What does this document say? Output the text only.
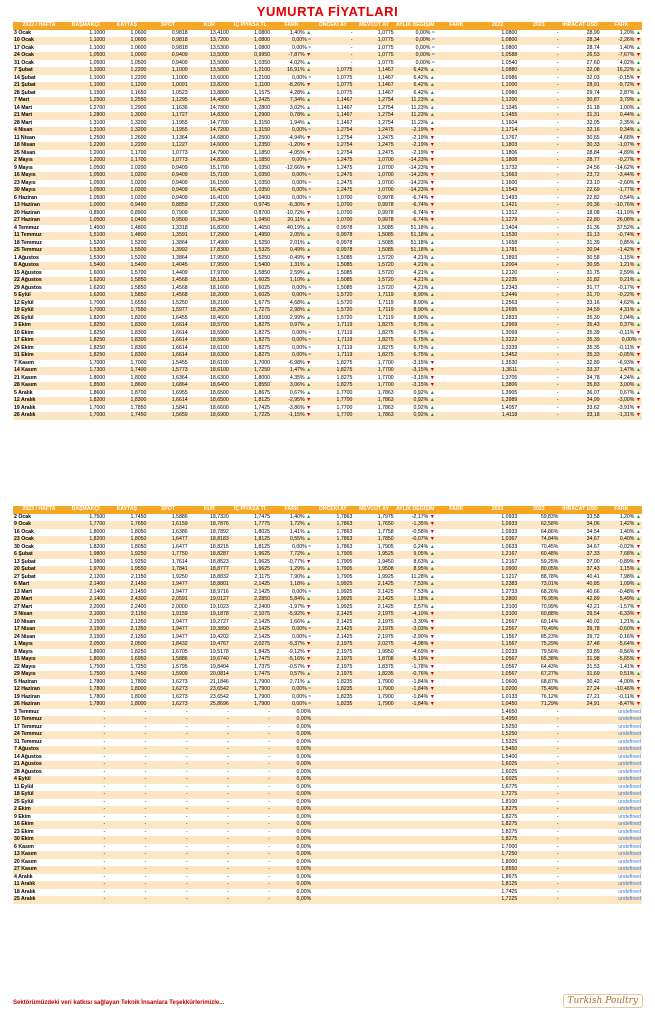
YUMURTA FİYATLARI
2022 / HAFTA	BAŞMAKÇI	KAYTAŞ	SPOT	KUR	İÇ PİYASA TL	FARK	ÖNCEKİ AY	MEVCUT AY	AYLIK DEĞİŞİM	FARK	2022	2023	İHRACAT USD	FARK
3 Ocak	1,1000	1,0600	0,9818	13,4100	1,0800	1,40% ▲	-	1,0775	0,00% =		1,0800	-	28,99	1,20% ▲
10 Ocak	1,1000	1,0600	0,9818	13,7200	1,0800	0,00% =	-	1,0775	0,00% =		1,0800	-	28,34	-2,26% ▼
17 Ocak	1,1000	1,0600	0,9818	13,5300	1,0800	0,00% =	-	1,0775	0,00% =		1,0800	-	28,74	1,40% ▲
24 Ocak	1,0500	1,0000	0,9409	13,5000	0,9950	-7,87% ▼	-	1,0775	0,00% =		1,0588	-	26,53	-7,67% ▼
31 Ocak	1,0500	1,0500	0,9409	13,5000	1,0350	4,02% ▲	-	1,0775	0,00% =		1,0540	-	27,60	4,02% ▲
7 Şubat	1,1000	1,2200	1,1000	13,5800	1,2100	16,91% ▲	1,0775	1,1467	6,42% ▲		1,0880	-	32,08	16,22% ▲
14 Şubat	1,1000	1,2200	1,1000	13,6000	1,2100	0,00% =	1,0775	1,1467	6,42% ▲		1,0986	-	32,03	-0,15% ▼
21 Şubat	1,1000	1,1200	1,0091	13,8200	1,1100	-8,26% ▼	1,0775	1,1467	6,42% ▲		1,1000	-	28,91	-9,72% ▼
28 Şubat	1,1500	1,1650	1,0523	13,8800	1,1575	4,28% ▲	1,0775	1,1467	6,42% ▲		1,0980	-	29,74	2,87% ▲
7 Mart	1,2500	1,2550	1,1295	14,4900	1,2425	7,34% ▲	1,1467	1,2754	11,23% ▲		1,1200	-	30,87	3,79% ▲
14 Mart	1,2700	1,2900	1,1636	14,7800	1,2800	3,02% ▲	1,1467	1,2754	11,23% ▲		1,1345	-	31,18	1,00% ▲
21 Mart	1,2800	1,3000	1,1727	14,8300	1,2900	0,78% ▲	1,1467	1,2754	11,23% ▲		1,1455	-	31,31	0,44% ▲
28 Mart	1,3100	1,3200	1,1955	14,7700	1,3150	1,94% ▲	1,1467	1,2754	11,23% ▲		1,1604	-	32,05	2,35% ▲
4 Nisan	1,3100	1,3200	1,1955	14,7200	1,3150	0,00% =	1,2754	1,2475	-2,19% ▼		1,1714	-	32,16	0,34% ▲
11 Nisan	1,2500	1,2600	1,1364	14,6800	1,2500	-4,94% ▼	1,2754	1,2475	-2,19% ▼		1,1767	-	30,65	-4,68% ▼
18 Nisan	1,2200	1,2200	1,1227	14,6000	1,2350	-1,20% ▼	1,2754	1,2475	-2,19% ▼		1,1803	-	30,33	-1,07% ▼
25 Nisan	1,2000	1,1700	1,0773	14,7900	1,1850	-4,05% ▼	1,2754	1,2475	-2,19% ▼		1,1806	-	28,84	-4,89% ▼
2 Mayıs	1,2000	1,1700	1,0773	14,8300	1,1850	0,00% =	1,2475	1,0700	-14,23% ▼		1,1808	-	28,77	-0,27% ▼
9 Mayıs	1,0500	1,0200	0,9409	15,1700	1,0350	-12,66% ▼	1,2475	1,0700	-14,23% ▼		1,1732	-	24,56	-14,62% ▼
16 Mayıs	1,0500	1,0200	0,9409	15,7100	1,0350	0,00% =	1,2475	1,0700	-14,23% ▼		1,1663	-	23,72	-3,44% ▼
23 Mayıs	1,0500	1,0200	0,9409	16,1500	1,0350	0,00% =	1,2475	1,0700	-14,23% ▼		1,1600	-	23,10	-2,60% ▼
30 Mayıs	1,0500	1,0200	0,9409	16,4200	1,0350	0,00% =	1,2475	1,0700	-14,23% ▼		1,1543	-	22,69	-1,77% ▼
6 Haziran	1,0500	1,0200	0,9409	16,4100	1,0400	0,00% =	1,0700	0,9978	-6,74% ▼		1,1493	-	22,82	0,54% ▲
13 Haziran	1,0000	0,9490	0,8859	17,2300	0,9745	-6,30% ▼	1,0700	0,9978	-6,74% ▼		1,1421	-	20,36	-10,76% ▼
20 Haziran	0,8500	0,8900	0,7909	17,3200	0,8700	-10,72% ▼	1,0700	0,9978	-6,74% ▼		1,1312	-	18,08	-11,19% ▼
27 Haziran	1,0500	1,0400	0,9500	16,3400	1,0450	20,11% ▲	1,0700	0,9978	-6,74% ▼		1,1279	-	22,80	26,08% ▲
4 Temmuz	1,4500	1,4800	1,3318	16,8200	1,4650	40,19% ▲	0,9978	1,5085	51,18% ▲		1,1404	-	31,36	37,52% ▲
11 Temmuz	1,5100	1,4800	1,3591	17,2900	1,4950	2,05% ▲	0,9978	1,5085	51,18% ▲		1,1530	-	31,13	-0,74% ▼
18 Temmuz	1,5200	1,5200	1,3864	17,4900	1,5250	2,01% ▲	0,9978	1,5085	51,18% ▲		1,1658	-	31,39	0,85% ▲
25 Temmuz	1,5300	1,5500	1,3992	17,8300	1,5325	0,49% ▲	0,9978	1,5085	51,18% ▲		1,1781	-	30,94	-1,42% ▼
1 Ağustos	1,5300	1,5200	1,3864	17,9500	1,5250	-0,49% ▼	1,5085	1,5720	4,21% ▲		1,1893	-	30,58	-1,15% ▼
8 Ağustos	1,5400	1,5400	1,4045	17,9500	1,5400	1,31% ▲	1,5085	1,5720	4,21% ▲		1,2004	-	30,95	1,21% ▲
15 Ağustos	1,6000	1,5700	1,4409	17,9700	1,5850	2,59% ▲	1,5085	1,5720	4,21% ▲		1,2120	-	31,75	2,59% ▲
22 Ağustos	1,6200	1,5850	1,4568	18,1300	1,6025	1,10% ▲	1,5085	1,5720	4,21% ▲		1,2235	-	31,82	0,21% ▲
29 Ağustos	1,6200	1,5850	1,4568	18,1600	1,6025	0,00% =	1,5085	1,5720	4,21% ▲		1,2343	-	31,77	-0,17% ▼
5 Eylül	1,6200	1,5850	1,4568	18,2000	1,6025	0,00% =	1,5720	1,7119	8,90% ▲		1,2446	-	31,70	-0,22% ▼
12 Eylül	1,7000	1,6550	1,5250	18,2100	1,6775	4,68% ▲	1,5720	1,7119	8,90% ▲		1,2563	-	33,16	4,62% ▲
19 Eylül	1,7000	1,7550	1,5977	18,2900	1,7275	2,98% ▲	1,5720	1,7119	8,90% ▲		1,2695	-	34,59	4,31% ▲
26 Eylül	1,8200	1,8200	1,6455	18,4600	1,8100	2,99% ▲	1,5720	1,7119	8,90% ▲		1,2833	-	35,30	2,04% ▲
3 Ekim	1,8250	1,8300	1,6614	18,5700	1,8275	0,97% ▲	1,7119	1,8275	6,75% ▲		1,2969	-	35,43	0,37% ▲
10 Ekim	1,8250	1,8300	1,6614	18,5900	1,8275	0,00% =	1,7119	1,8275	6,75% ▲		1,3099	-	35,39	-0,11% ▼
17 Ekim	1,8250	1,8300	1,6614	18,5900	1,8275	0,00% =	1,7119	1,8275	6,75% ▲		1,3222	-	35,39	0,00% =
24 Ekim	1,8250	1,8300	1,6614	18,6100	1,8275	0,00% =	1,7119	1,8275	6,75% ▲		1,3339	-	35,35	-0,11% ▼
31 Ekim	1,8250	1,8300	1,6614	18,6300	1,8275	0,00% =	1,7119	1,8275	6,75% ▲		1,3452	-	35,33	-0,05% ▼
7 Kasım	1,7000	1,7000	1,5455	18,6100	1,7000	-6,98% ▼	1,8275	1,7700	-3,15% ▼		1,3530	-	32,89	-6,93% ▼
14 Kasım	1,7300	1,7400	1,5773	18,6100	1,7250	1,47% ▲	1,8275	1,7700	-3,15% ▼		1,3611	-	33,37	1,47% ▲
21 Kasım	1,8000	1,8000	1,6364	18,6300	1,8000	4,35% ▲	1,8275	1,7700	-3,15% ▼		1,3705	-	34,78	4,24% ▲
28 Kasım	1,8500	1,8600	1,6864	18,6400	1,8550	3,06% ▲	1,8275	1,7700	-3,15% ▼		1,3806	-	35,83	3,00% ▲
5 Aralık	1,8600	1,8700	1,6955	18,6500	1,8675	0,67% ▲	1,7700	1,7863	0,92% ▲		1,3905	-	36,07	0,67% ▲
12 Aralık	1,8200	1,8300	1,6614	18,6500	1,8125	-2,95% ▼	1,7700	1,7863	0,92% ▲		1,3989	-	34,99	-3,00% ▼
19 Aralık	1,7000	1,7850	1,5841	18,6600	1,7425	-3,86% ▼	1,7700	1,7863	0,92% ▲		1,4057	-	33,62	-3,91% ▼
26 Aralık	1,7000	1,7450	1,5659	18,6900	1,7225	-1,15% ▼	1,7700	1,7863	0,92% ▲		1,4118	-	33,18	-1,31% ▼
2023 / HAFTA	BAŞMAKÇI	KAYTAŞ	SPOT	KUR	İÇ PİYASA TL	FARK	ÖNCEKİ AY	MEVCUT AY	AYLIK DEĞİŞİM	FARK	2022	2023	İHRACAT USD	FARK
2 Ocak	1,7500	1,7450	1,5886	18,7320	1,7475	1,40% ▲	1,7863	1,7975	-2,17% ▼		1,0933	59,83%	33,58	1,20% ▲
9 Ocak	1,7700	1,7650	1,6159	18,7876	1,7775	1,72% ▲	1,7863	1,7650	-1,35% ▼		1,0933	62,58%	34,06	1,42% ▲
16 Ocak	1,8000	1,8050	1,6386	18,7892	1,8025	1,41% ▲	1,7863	1,7758	-0,58% ▼		1,0933	64,86%	34,54	1,40% ▲
23 Ocak	1,8200	1,8050	1,6477	18,8183	1,8125	0,55% ▲	1,7863	1,7850	-0,07% ▼		1,0367	74,84%	34,67	0,40% ▲
30 Ocak	1,8200	1,8050	1,6477	18,8215	1,8125	0,00% =	1,7863	1,7905	0,24% ▲		1,0633	70,45%	34,67	-0,02% ▼
6 Şubat	1,9800	1,9250	1,7750	18,8287	1,9625	7,72% ▲	1,7905	1,9525	9,05% ▲		1,2167	60,48%	37,33	7,68% ▲
13 Şubat	1,9800	1,9250	1,7614	18,8523	1,9625	-0,77% ▼	1,7905	1,9450	8,63% ▲		1,2167	59,25%	37,00	-0,89% ▼
20 Şubat	1,9700	1,9550	1,7841	18,8777	1,9625	1,29% ▲	1,7905	1,9508	8,95% ▲		1,0900	80,05%	37,43	1,15% ▲
27 Şubat	2,1200	2,1150	1,9250	18,8832	2,1175	7,90% ▲	1,7905	1,9925	11,28% ▲		1,1217	88,78%	40,41	7,98% ▲
6 Mart	2,1400	2,1450	1,9477	18,8801	2,1425	1,18% ▲	1,9925	2,1425	7,53% ▲		1,2383	73,01%	40,85	1,09% ▲
13 Mart	2,1400	2,1450	1,9477	18,9716	2,1425	0,00% =	1,9925	2,1425	7,53% ▲		1,2733	68,26%	40,66	-0,48% ▼
20 Mart	2,1400	2,4300	2,0591	19,0127	2,2850	5,84% ▲	1,9925	2,1425	1,18% ▲		1,2800	76,95%	42,89	5,49% ▲
27 Mart	2,2000	2,2400	2,0000	19,1023	2,2400	-1,97% ▼	1,9925	2,1425	2,57% ▲		1,3100	70,99%	42,21	-1,57% ▼
3 Nisan	2,1000	2,1150	1,9159	19,1878	2,1075	-5,92% ▼	2,1425	2,1975	-4,10% ▼		1,3100	60,88%	39,54	-6,33% ▼
10 Nisan	2,1500	2,1350	1,9477	19,2727	2,1425	1,66% ▲	2,1425	2,1975	-3,30% ▼		1,2667	69,14%	40,02	1,21% ▲
17 Nisan	2,1500	2,1350	1,9477	19,3890	2,1425	0,00% =	2,1425	2,1975	-3,03% ▼		1,2567	70,49%	39,78	-0,60% ▼
24 Nisan	2,1500	2,1350	1,9477	19,4202	2,1425	0,00% =	2,1425	2,1975	-2,90% ▼		1,1567	85,23%	39,72	-0,16% ▼
1 Mayıs	2,0500	2,0500	1,8432	19,4767	2,0275	-5,37% ▼	2,1975	2,0275	-4,98% ▼		1,1567	75,29%	37,48	-5,64% ▼
8 Mayıs	1,8600	1,8250	1,6705	19,5178	1,8425	-9,12% ▼	2,1975	1,9950	-4,69% ▼		1,0233	79,56%	33,89	-9,56% ▼
15 Mayıs	1,8000	1,6950	1,5886	19,6740	1,7475	-5,16% ▼	2,1975	1,8708	-5,19% ▼		1,0567	65,38%	31,98	-5,65% ▼
22 Mayıs	1,7500	1,7250	1,5795	19,8404	1,7375	-0,57% ▼	2,1975	1,8375	-1,78% ▼		1,0567	64,43%	31,53	-1,41% ▼
29 Mayıs	1,7500	1,7450	1,5909	20,0814	1,7475	0,57% ▲	2,1975	1,8235	-0,76% ▼		1,0567	67,27%	31,69	0,51% ▲
5 Haziran	1,7800	1,7800	1,6273	21,1846	1,7900	2,71% ▲	1,8235	1,7900	-1,84% ▼		1,0600	68,87%	30,42	-4,00% ▼
12 Haziran	1,7800	1,8000	1,6273	23,6542	1,7900	0,00% =	1,8235	1,7900	-1,84% ▼		1,0200	75,49%	27,24	-10,46% ▼
19 Haziran	1,7800	1,8000	1,6273	23,6542	1,7900	0,00% =	1,8235	1,7900	-1,84% ▼		1,0133	76,12%	27,21	-0,11% ▼
26 Haziran	1,7800	1,8000	1,6273	25,8696	1,7900	0,00% =	1,8235	1,7900	-1,84% ▼		1,0450	71,29%	24,91	-8,47% ▼
3 Temmuz	-	-	-	-	-	0,00%					1,4650	-		undefined
10 Temmuz	-	-	-	-	-	0,00%					1,4950	-		undefined
17 Temmuz	-	-	-	-	-	0,00%					1,5250	-		undefined
24 Temmuz	-	-	-	-	-	0,00%					1,5250	-		undefined
31 Temmuz	-	-	-	-	-	0,00%					1,5325	-		undefined
7 Ağustos	-	-	-	-	-	0,00%					1,5450	-		undefined
14 Ağustos	-	-	-	-	-	0,00%					1,5400	-		undefined
21 Ağustos	-	-	-	-	-	0,00%					1,6025	-		undefined
28 Ağustos	-	-	-	-	-	0,00%					1,6025	-		undefined
4 Eylül	-	-	-	-	-	0,00%					1,6025	-		undefined
11 Eylül	-	-	-	-	-	0,00%					1,6775	-		undefined
18 Eylül	-	-	-	-	-	0,00%					1,7275	-		undefined
25 Eylül	-	-	-	-	-	0,00%					1,8100	-		undefined
2 Ekim	-	-	-	-	-	0,00%					1,8275	-		undefined
9 Ekim	-	-	-	-	-	0,00%					1,8275	-		undefined
16 Ekim	-	-	-	-	-	0,00%					1,8275	-		undefined
23 Ekim	-	-	-	-	-	0,00%					1,8275	-		undefined
30 Ekim	-	-	-	-	-	0,00%					1,8275	-		undefined
6 Kasım	-	-	-	-	-	0,00%					1,7000	-		undefined
13 Kasım	-	-	-	-	-	0,00%					1,7250	-		undefined
20 Kasım	-	-	-	-	-	0,00%					1,8000	-		undefined
27 Kasım	-	-	-	-	-	0,00%					1,8550	-		undefined
4 Aralık	-	-	-	-	-	0,00%					1,8675	-		undefined
11 Aralık	-	-	-	-	-	0,00%					1,8125	-		undefined
18 Aralık	-	-	-	-	-	0,00%					1,7425	-		undefined
25 Aralık	-	-	-	-	-	0,00%					1,7225	-		undefined
Sektörümüzdeki veri katkısı sağlayan Teknik İnsanlara Teşekkürlerimizle...	Turkish Poultry
